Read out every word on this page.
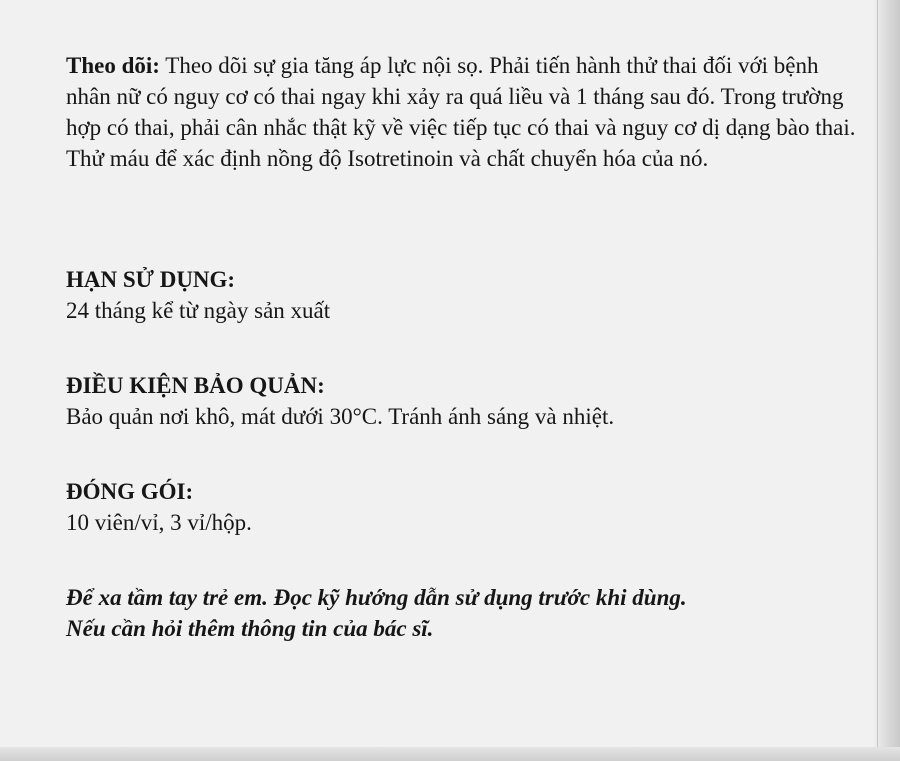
Theo dõi: Theo dõi sự gia tăng áp lực nội sọ. Phải tiến hành thử thai đối với bệnh nhân nữ có nguy cơ có thai ngay khi xảy ra quá liều và 1 tháng sau đó. Trong trường hợp có thai, phải cân nhắc thật kỹ về việc tiếp tục có thai và nguy cơ dị dạng bào thai. Thử máu để xác định nồng độ Isotretinoin và chất chuyển hóa của nó.

HẠN SỬ DỤNG:

24 tháng kể từ ngày sản xuất

ĐIỀU KIỆN BẢO QUẢN:

Bảo quản nơi khô, mát dưới 30°C. Tránh ánh sáng và nhiệt.

ĐÓNG GÓI:

10 viên/vỉ, 3 vỉ/hộp.

Để xa tầm tay trẻ em. Đọc kỹ hướng dẫn sử dụng trước khi dùng.

Nếu cần hỏi thêm thông tin của bác sĩ.
